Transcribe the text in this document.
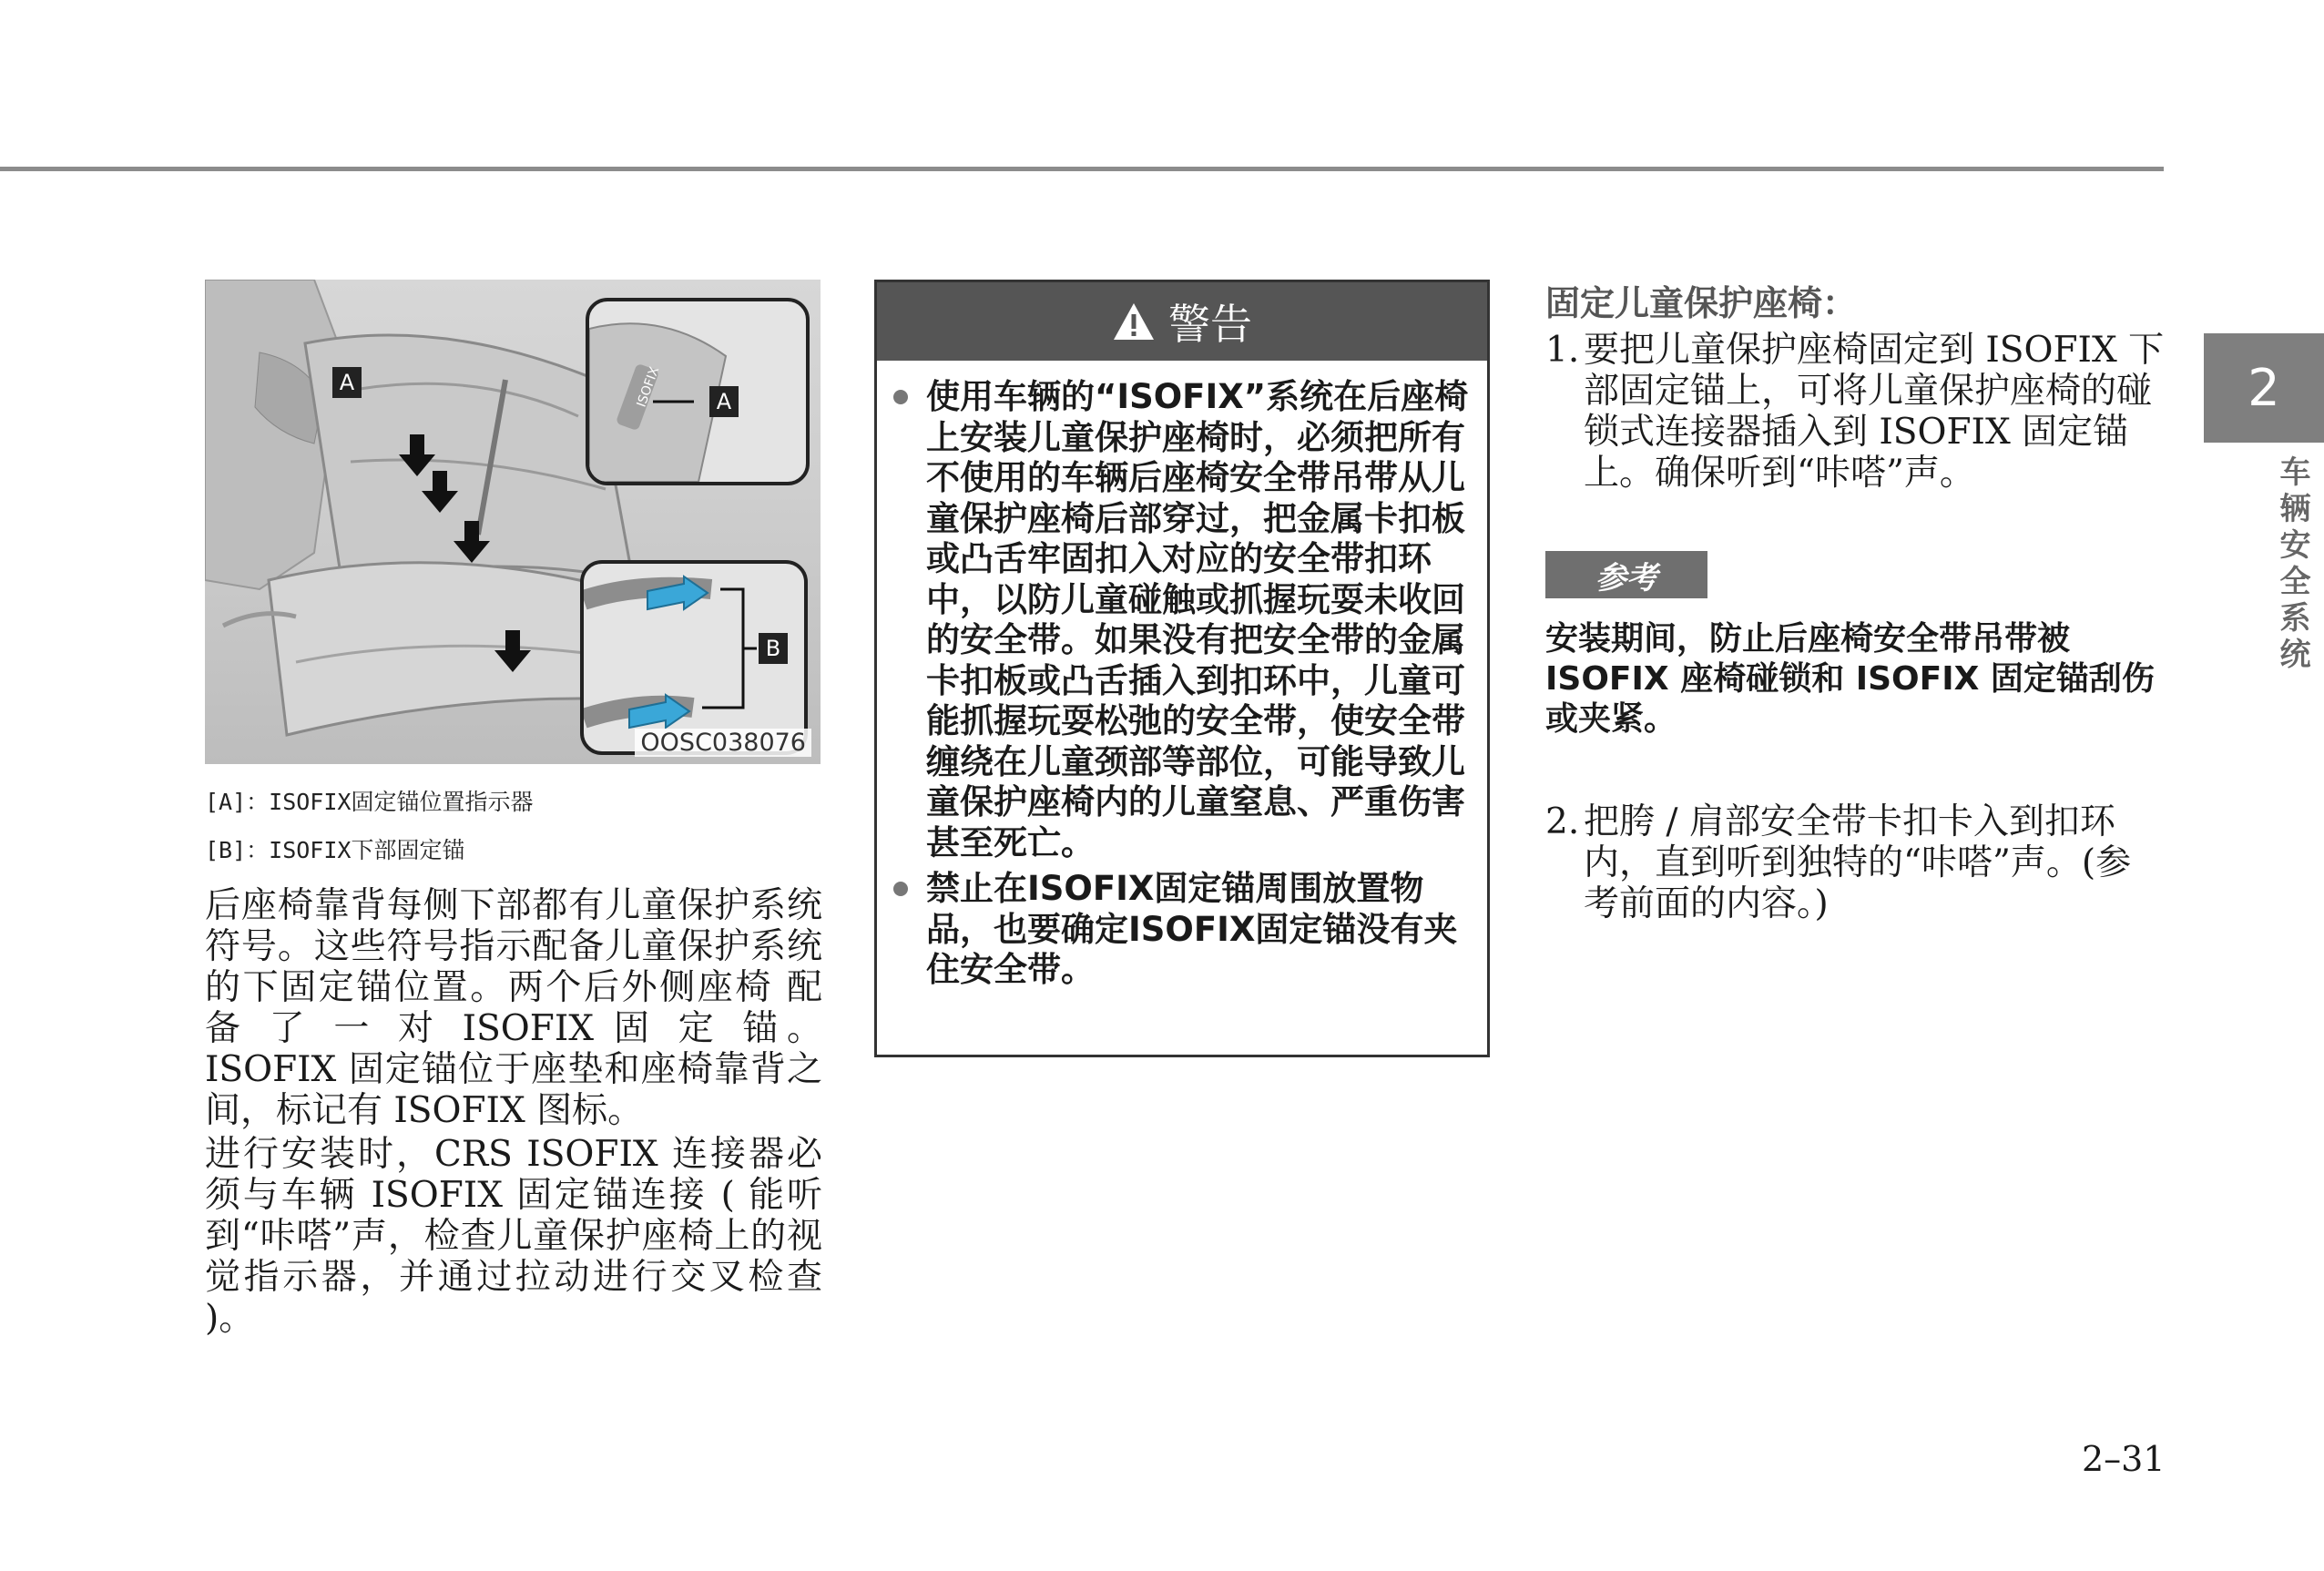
2
车辆安全系统
A	ISOFIX	A
B
OOSC038076
[A]：ISOFIX固定锚位置指示器
[B]：ISOFIX下部固定锚

后座椅靠背每侧下部都有儿童保护系统符号。这些符号指示配备儿童保护系统的下固定锚位置。两个后外侧座椅 配 备 了 一 对 ISOFIX 固 定 锚。ISOFIX 固定锚位于座垫和座椅靠背之间，标记有 ISOFIX 图标。

进行安装时，CRS ISOFIX 连接器必须与车辆 ISOFIX 固定锚连接 ( 能听到“咔嗒”声，检查儿童保护座椅上的视觉指示器，并通过拉动进行交叉检查 )。

警告
使用车辆的“ISOFIX”系统在后座椅上安装儿童保护座椅时，必须把所有不使用的车辆后座椅安全带吊带从儿童保护座椅后部穿过，把金属卡扣板或凸舌牢固扣入对应的安全带扣环中，以防儿童碰触或抓握玩耍未收回的安全带。如果没有把安全带的金属卡扣板或凸舌插入到扣环中，儿童可能抓握玩耍松弛的安全带，使安全带缠绕在儿童颈部等部位，可能导致儿童保护座椅内的儿童窒息、严重伤害甚至死亡。
禁止在ISOFIX固定锚周围放置物品，也要确定ISOFIX固定锚没有夹住安全带。
固定儿童保护座椅：

1. 要把儿童保护座椅固定到 ISOFIX 下部固定锚上，可将儿童保护座椅的碰锁式连接器插入到 ISOFIX 固定锚上。确保听到“咔嗒”声。

参考

安装期间，防止后座椅安全带吊带被 ISOFIX 座椅碰锁和 ISOFIX 固定锚刮伤或夹紧。

2. 把胯 / 肩部安全带卡扣卡入到扣环内，直到听到独特的“咔嗒”声。(参考前面的内容。)

2–31
